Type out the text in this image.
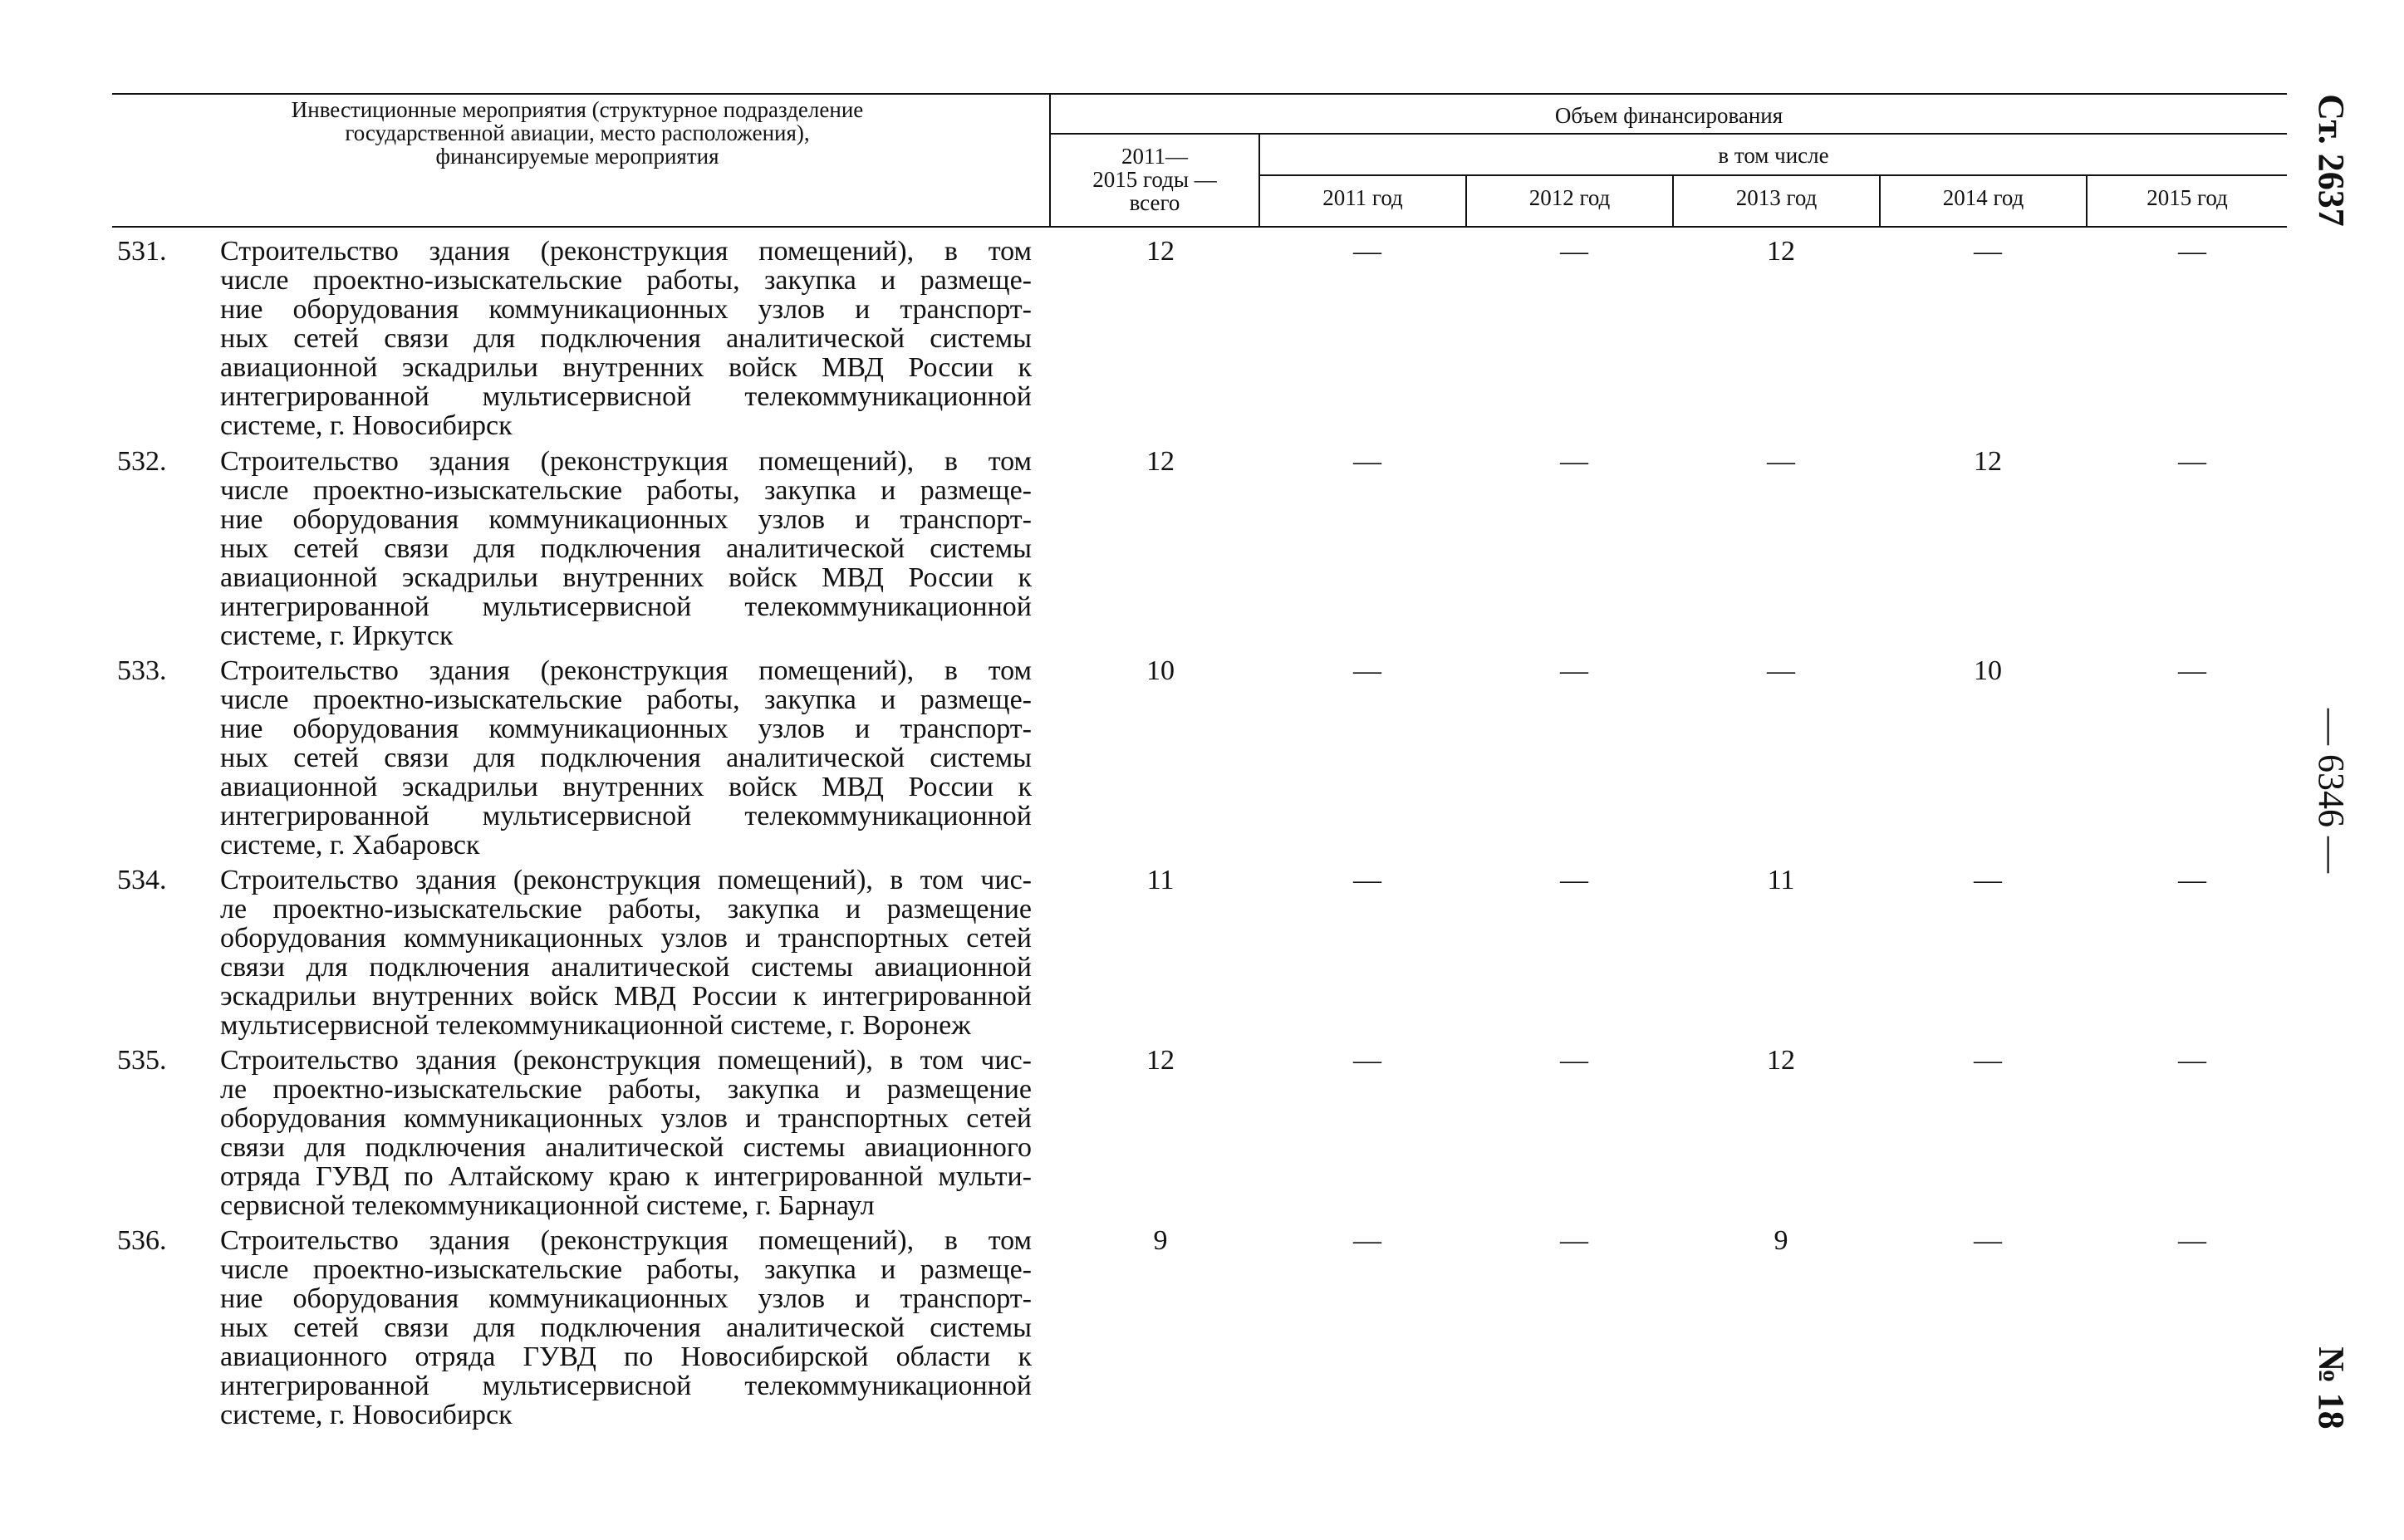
Инвестиционные мероприятия (структурное подразделение
государственной авиации, место расположения),
финансируемые мероприятия
Объем финансирования
2011—
2015 годы —
всего
в том числе
2011 год	2012 год	2013 год	2014 год	2015 год
531. Строительство здания (реконструкция помещений), в том
числе проектно-изыскательские работы, закупка и размеще-
ние оборудования коммуникационных узлов и транспорт-
ных сетей связи для подключения аналитической системы
авиационной эскадрильи внутренних войск МВД России к
интегрированной мультисервисной телекоммуникационной
системе, г. Новосибирск
12	—	—	12	—	—
532. Строительство здания (реконструкция помещений), в том
числе проектно-изыскательские работы, закупка и размеще-
ние оборудования коммуникационных узлов и транспорт-
ных сетей связи для подключения аналитической системы
авиационной эскадрильи внутренних войск МВД России к
интегрированной мультисервисной телекоммуникационной
системе, г. Иркутск
12	—	—	—	12	—
533. Строительство здания (реконструкция помещений), в том
числе проектно-изыскательские работы, закупка и размеще-
ние оборудования коммуникационных узлов и транспорт-
ных сетей связи для подключения аналитической системы
авиационной эскадрильи внутренних войск МВД России к
интегрированной мультисервисной телекоммуникационной
системе, г. Хабаровск
10	—	—	—	10	—
534. Строительство здания (реконструкция помещений), в том чис-
ле проектно-изыскательские работы, закупка и размещение
оборудования коммуникационных узлов и транспортных сетей
связи для подключения аналитической системы авиационной
эскадрильи внутренних войск МВД России к интегрированной
мультисервисной телекоммуникационной системе, г. Воронеж
11	—	—	11	—	—
535. Строительство здания (реконструкция помещений), в том чис-
ле проектно-изыскательские работы, закупка и размещение
оборудования коммуникационных узлов и транспортных сетей
связи для подключения аналитической системы авиационного
отряда ГУВД по Алтайскому краю к интегрированной мульти-
сервисной телекоммуникационной системе, г. Барнаул
12	—	—	12	—	—
536. Строительство здания (реконструкция помещений), в том
числе проектно-изыскательские работы, закупка и размеще-
ние оборудования коммуникационных узлов и транспорт-
ных сетей связи для подключения аналитической системы
авиационного отряда ГУВД по Новосибирской области к
интегрированной мультисервисной телекоммуникационной
системе, г. Новосибирск
9	—	—	9	—	—
Ст. 2637
— 6346 —
№ 18
